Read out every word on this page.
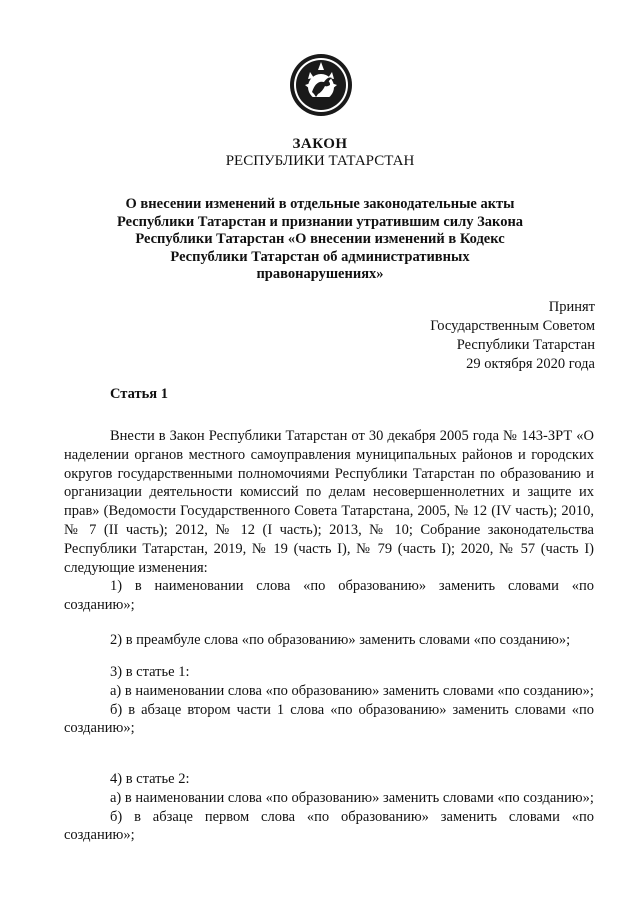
ЗАКОН
РЕСПУБЛИКИ ТАТАРСТАН
О внесении изменений в отдельные законодательные акты Республики Татарстан и признании утратившим силу Закона Республики Татарстан «О внесении изменений в Кодекс Республики Татарстан об административных правонарушениях»
Принят
Государственным Советом
Республики Татарстан
29 октября 2020 года
Статья 1

Внести в Закон Республики Татарстан от 30 декабря 2005 года № 143-ЗРТ «О наделении органов местного самоуправления муниципальных районов и городских округов государственными полномочиями Республики Татарстан по образованию и организации деятельности комиссий по делам несовершеннолетних и защите их прав» (Ведомости Государственного Совета Татарстана, 2005, № 12 (IV часть); 2010, № 7 (II часть); 2012, № 12 (I часть); 2013, № 10; Собрание законодательства Республики Татарстан, 2019, № 19 (часть I), № 79 (часть I); 2020, № 57 (часть I) следующие изменения:

1) в наименовании слова «по образованию» заменить словами «по созданию»;

2) в преамбуле слова «по образованию» заменить словами «по созданию»;

3) в статье 1:

а) в наименовании слова «по образованию» заменить словами «по созданию»;

б) в абзаце втором части 1 слова «по образованию» заменить словами «по созданию»;

4) в статье 2:

а) в наименовании слова «по образованию» заменить словами «по созданию»;

б) в абзаце первом слова «по образованию» заменить словами «по созданию»;
